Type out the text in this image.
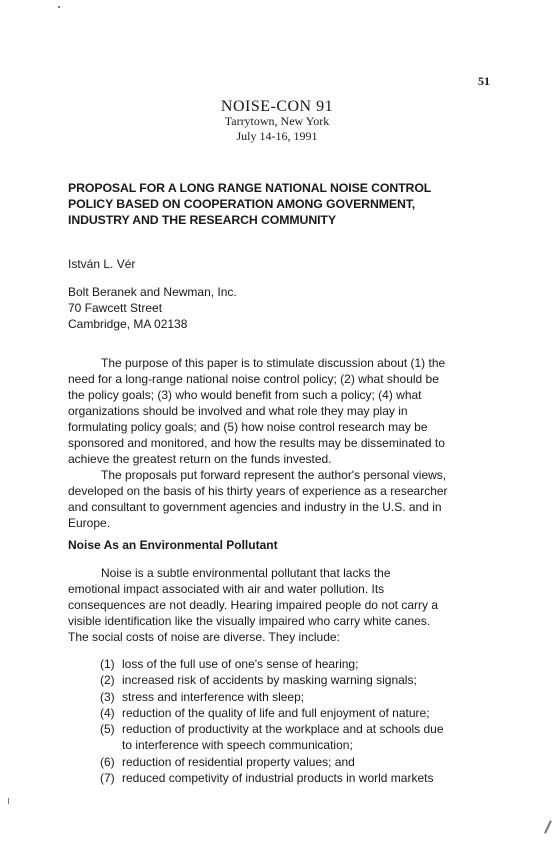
51
NOISE-CON 91
Tarrytown, New York
July 14-16, 1991
PROPOSAL FOR A LONG RANGE NATIONAL NOISE CONTROL
POLICY BASED ON COOPERATION AMONG GOVERNMENT,
INDUSTRY AND THE RESEARCH COMMUNITY
István L. Vér
Bolt Beranek and Newman, Inc.
70 Fawcett Street
Cambridge, MA 02138
The purpose of this paper is to stimulate discussion about (1) the
need for a long-range national noise control policy; (2) what should be
the policy goals; (3) who would benefit from such a policy; (4) what
organizations should be involved and what role they may play in
formulating policy goals; and (5) how noise control research may be
sponsored and monitored, and how the results may be disseminated to
achieve the greatest return on the funds invested.
The proposals put forward represent the author's personal views,
developed on the basis of his thirty years of experience as a researcher
and consultant to government agencies and industry in the U.S. and in
Europe.
Noise As an Environmental Pollutant
Noise is a subtle environmental pollutant that lacks the
emotional impact associated with air and water pollution. Its
consequences are not deadly. Hearing impaired people do not carry a
visible identification like the visually impaired who carry white canes.
The social costs of noise are diverse. They include:
(1) loss of the full use of one's sense of hearing;
(2) increased risk of accidents by masking warning signals;
(3) stress and interference with sleep;
(4) reduction of the quality of life and full enjoyment of nature;
(5) reduction of productivity at the workplace and at schools due
to interference with speech communication;
(6) reduction of residential property values; and
(7) reduced competivity of industrial products in world markets
